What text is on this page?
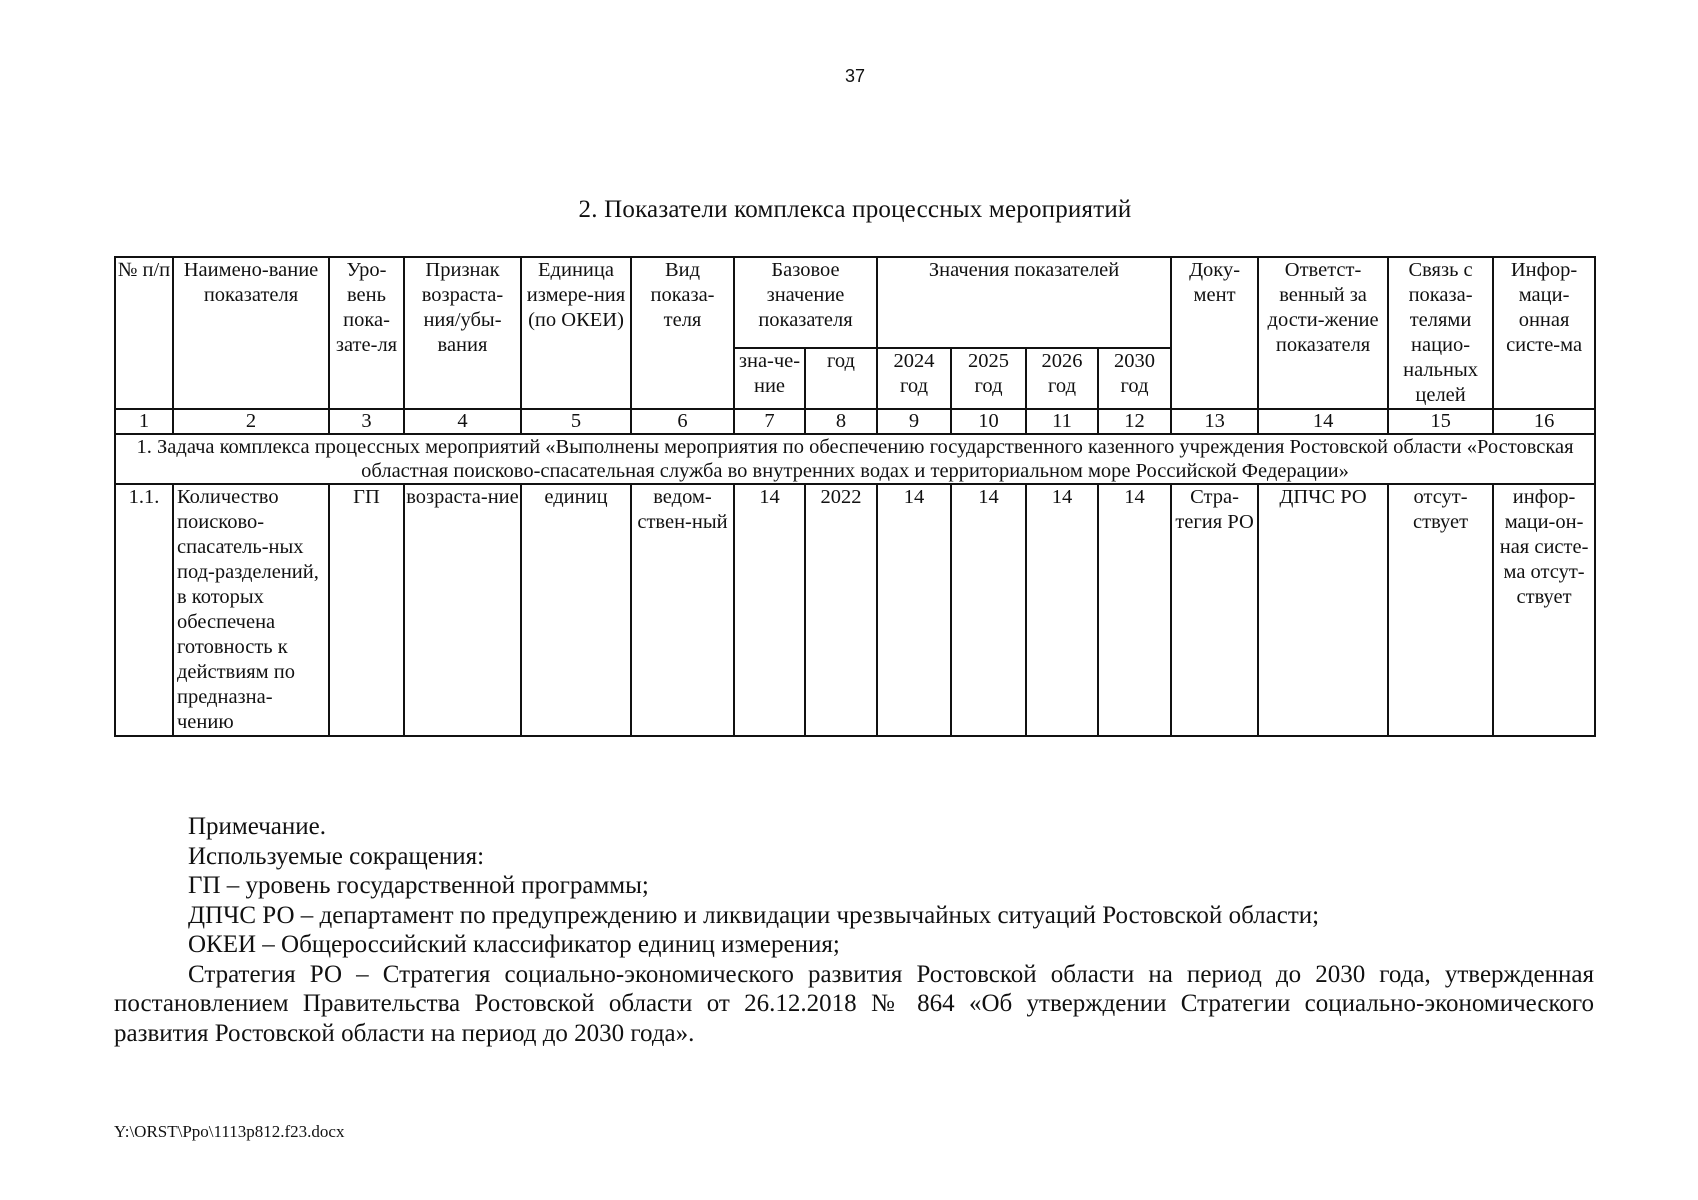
37
2. Показатели комплекса процессных мероприятий
№ п/п	Наимено-вание показателя	Уро-вень пока-зате-ля	Признак возраста-ния/убы-вания	Единица измере-ния (по ОКЕИ)	Вид показа-теля	Базовое значение показателя		Значения показателей				Доку-мент	Ответст-венный за дости-жение показателя	Связь с показа-телями нацио-нальных целей	Инфор-маци-онная систе-ма
						зна-че-ние	год	2024 год	2025 год	2026 год	2030 год				
1	2	3	4	5	6	7	8	9	10	11	12	13	14	15	16
1. Задача комплекса процессных мероприятий «Выполнены мероприятия по обеспечению государственного казенного учреждения Ростовской области «Ростовская областная поисково-спасательная служба во внутренних водах и территориальном море Российской Федерации»															
1.1.	Количество поисково-спасатель-ных под-разделений, в которых обеспечена готовность к действиям по предназна-чению	ГП	возраста-ние	единиц	ведом-ствен-ный	14	2022	14	14	14	14	Стра-тегия РО	ДПЧС РО	отсут-ствует	инфор-маци-он-ная систе-ма отсут-ствует

Примечание.

Используемые сокращения:

ГП – уровень государственной программы;

ДПЧС РО – департамент по предупреждению и ликвидации чрезвычайных ситуаций Ростовской области;

ОКЕИ – Общероссийский классификатор единиц измерения;

Стратегия РО – Стратегия социально-экономического развития Ростовской области на период до 2030 года, утвержденная постановлением Правительства Ростовской области от 26.12.2018 № 864 «Об утверждении Стратегии социально-экономического развития Ростовской области на период до 2030 года».

Y:\ORST\Ppo\1113p812.f23.docx
